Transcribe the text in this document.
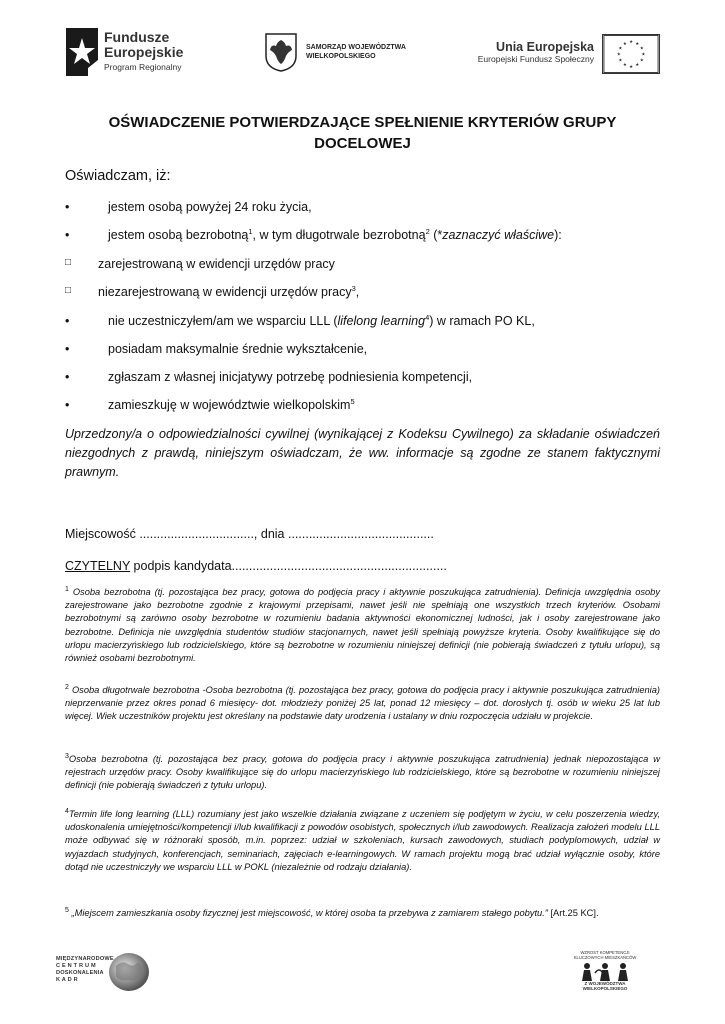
Fundusze
Europejskie
Program Regionalny
SAMORZĄD WOJEWÓDZTWA
WIELKOPOLSKIEGO
Unia Europejska
Europejski Fundusz Społeczny
★ ★
★
★
★
★
★
★
★
★
★
★
OŚWIADCZENIE POTWIERDZAJĄCE SPEŁNIENIE KRYTERIÓW GRUPY
DOCELOWEJ
Oświadczam, iż:
•	jestem osobą powyżej 24 roku życia,
•	jestem osobą bezrobotną$^1$, w tym długotrwale bezrobotną$^2$ (*zaznaczyć właściwe):
□ zarejestrowaną w ewidencji urzędów pracy
□ niezarejestrowaną w ewidencji urzędów pracy$^3$,
•	nie uczestniczyłem/am we wsparciu LLL (lifelong learning$^4$) w ramach PO KL,
•	posiadam maksymalnie średnie wykształcenie,
•	zgłaszam z własnej inicjatywy potrzebę podniesienia kompetencji,
•	zamieszkuję w województwie wielkopolskim$^5$
Uprzedzony/a o odpowiedzialności cywilnej (wynikającej z Kodeksu Cywilnego) za składanie oświadczeń niezgodnych z prawdą, niniejszym oświadczam, że ww. informacje są zgodne ze stanem faktycznymi prawnym.
Miejscowość ................................., dnia ..........................................
CZYTELNY podpis kandydata..............................................................
$^1$ Osoba bezrobotna (tj. pozostająca bez pracy, gotowa do podjęcia pracy i aktywnie poszukująca zatrudnienia). Definicja uwzględnia osoby zarejestrowane jako bezrobotne zgodnie z krajowymi przepisami, nawet jeśli nie spełniają one wszystkich trzech kryteriów. Osobami bezrobotnymi są zarówno osoby bezrobotne w rozumieniu badania aktywności ekonomicznej ludności, jak i osoby zarejestrowane jako bezrobotne. Definicja nie uwzględnia studentów studiów stacjonarnych, nawet jeśli spełniają powyższe kryteria. Osoby kwalifikujące się do urlopu macierzyńskiego lub rodzicielskiego, które są bezrobotne w rozumieniu niniejszej definicji (nie pobierają świadczeń z tytułu urlopu), są również osobami bezrobotnymi.
$^2$ Osoba długotrwale bezrobotna -Osoba bezrobotna (tj. pozostająca bez pracy, gotowa do podjęcia pracy i aktywnie poszukująca zatrudnienia) nieprzerwanie przez okres ponad 6 miesięcy- dot. młodzieży poniżej 25 lat, ponad 12 miesięcy – dot. dorosłych tj. osób w wieku 25 lat lub więcej. Wiek uczestników projektu jest określany na podstawie daty urodzenia i ustalany w dniu rozpoczęcia udziału w projekcie.
$^3$Osoba bezrobotna (tj. pozostająca bez pracy, gotowa do podjęcia pracy i aktywnie poszukująca zatrudnienia) jednak niepozostająca w rejestrach urzędów pracy. Osoby kwalifikujące się do urlopu macierzyńskiego lub rodzicielskiego, które są bezrobotne w rozumieniu niniejszej definicji (nie pobierają świadczeń z tytułu urlopu).
$^4$Termin life long learning (LLL) rozumiany jest jako wszelkie działania związane z uczeniem się podjętym w życiu, w celu poszerzenia wiedzy, udoskonalenia umiejętności/kompetencji i/lub kwalifikacji z powodów osobistych, społecznych i/lub zawodowych. Realizacja założeń modelu LLL może odbywać się w różnoraki sposób, m.in. poprzez: udział w szkoleniach, kursach zawodowych, studiach podyplomowych, udział w wyjazdach studyjnych, konferencjach, seminariach, zajęciach e-learningowych. W ramach projektu mogą brać udział wyłącznie osoby, które dotąd nie uczestniczyły we wsparciu LLL w POKL (niezależnie od rodzaju działania).
$^5$ „Miejscem zamieszkania osoby fizycznej jest miejscowość, w której osoba ta przebywa z zamiarem stałego pobytu.” [Art.25 KC].
MIĘDZYNARODOWE
C E N T R U M
DOSKONALENIA
K A D R
WZROST KOMPETENCJI
KLUCZOWYCH MIESZKAŃCÓW
Z WOJEWÓDZTWA
WIELKOPOLSKIEGO
